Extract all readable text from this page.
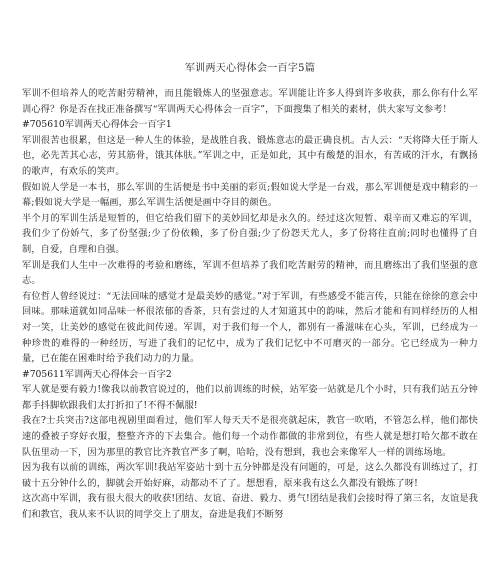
军训两天心得体会一百字5篇

军训不但培养人的吃苦耐劳精神，而且能锻炼人的坚强意志。军训能让许多人得到许多收获，那么你有什么军训心得？你是否在找正准备撰写“军训两天心得体会一百字”，下面搜集了相关的素材，供大家写文参考！

#705610军训两天心得体会一百字1

军训很苦也很累，但这是一种人生的体验，是战胜自我、锻炼意志的最正确良机。古人云：“天将降大任于斯人也，必先苦其心志，劳其筋骨，饿其体肤。”军训之中，正是如此，其中有酸楚的泪水，有苦咸的汗水，有飘扬的歌声，有欢乐的笑声。

假如说人学是一本书，那么军训的生活便是书中美丽的彩页;假如说大学是一台戏，那么军训便是戏中精彩的一幕;假如说大学是一幅画，那么军训生活便是画中夺目的颜色。

半个月的军训生活是短暂的，但它给我们留下的美妙回忆却是永久的。经过这次短暂、艰辛而又难忘的军训，我们少了份娇气，多了份坚强;少了份依赖，多了份自强;少了份怨天尤人，多了份将往直前;同时也懂得了自制，自爱，自理和自强。

军训是我们人生中一次难得的考验和磨练，军训不但培养了我们吃苦耐劳的精神，而且磨练出了我们坚强的意志。

有位哲人曾经说过：“无法回味的感觉才是最美妙的感觉。”对于军训，有些感受不能言传，只能在徐徐的意会中回味。那味道就如同品味一杯很浓郁的香茶，只有尝过的人才知道其中的韵味，然后才能和有同样经历的人相对一笑，让美妙的感觉在彼此间传递。军训，对于我们每一个人，都别有一番滋味在心头，军训，已经成为一种珍贵的难得的一种经历，写进了我们的记忆中，成为了我们记忆中不可磨灭的一部分。它已经成为一种力量，已在能在困难时给予我们动力的力量。

#705611军训两天心得体会一百字2

军人就是要有毅力!像我以前教官说过的，他们以前训练的时候，站军姿一站就是几个小时，只有我们站五分钟都手抖脚软跟我们太打折扣了!不得不佩服!

我在?士兵突击?这部电视剧里面看过，他们军人每天天不是很亮就起床，教官一吹哨，不管怎么样，他们都快速的叠被子穿好衣服，整整齐齐的下去集合。他们每一个动作都做的非常到位，有些人就是想打哈欠都不敢在队伍里动一下，因为那里的教官比齐教官严多了啊，哈哈，没有想到，我也会来像军人一样的训练场地。

因为我有以前的训练，两次军训!我站军姿站十到十五分钟都是没有问题的，可是，这么久都没有训练过了，打破十五分钟什么的，脚就会开始好麻，动都动不了了。想想看，原来我有这么久都没有锻炼了呀!

这次高中军训，我有很大很大的收获!团结、友谊、奋进、毅力、勇气!团结是我们会接时得了第三名，友谊是我们和教官，我从来不认识的同学交上了朋友，奋进是我们不断努
